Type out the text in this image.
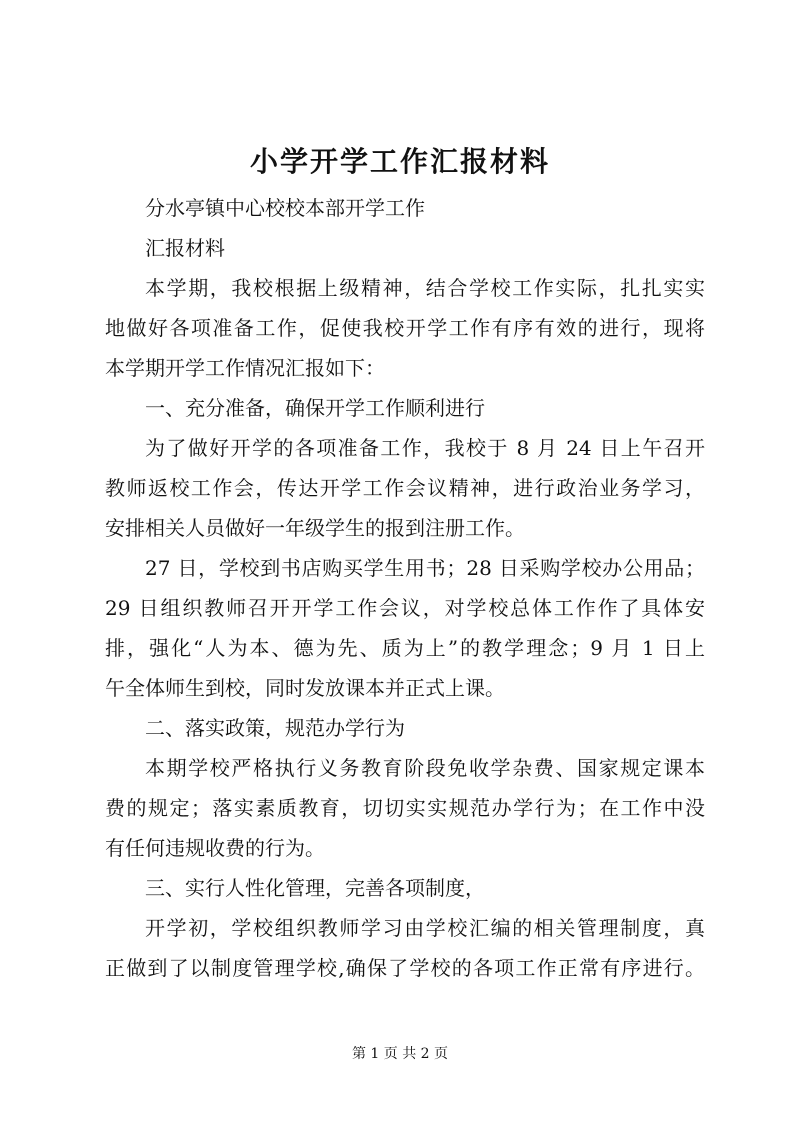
小学开学工作汇报材料
分水亭镇中心校校本部开学工作
汇报材料
本学期，我校根据上级精神，结合学校工作实际，扎扎实实
地做好各项准备工作，促使我校开学工作有序有效的进行，现将
本学期开学工作情况汇报如下：
一、充分准备，确保开学工作顺利进行
为了做好开学的各项准备工作，我校于 8 月 24 日上午召开
教师返校工作会，传达开学工作会议精神，进行政治业务学习，
安排相关人员做好一年级学生的报到注册工作。
27 日，学校到书店购买学生用书；28 日采购学校办公用品；
29 日组织教师召开开学工作会议，对学校总体工作作了具体安
排，强化“人为本、德为先、质为上”的教学理念；9 月 1 日上
午全体师生到校，同时发放课本并正式上课。
二、落实政策，规范办学行为
本期学校严格执行义务教育阶段免收学杂费、国家规定课本
费的规定；落实素质教育，切切实实规范办学行为；在工作中没
有任何违规收费的行为。
三、实行人性化管理，完善各项制度，
开学初，学校组织教师学习由学校汇编的相关管理制度，真
正做到了以制度管理学校,确保了学校的各项工作正常有序进行。
第 1 页 共 2 页
